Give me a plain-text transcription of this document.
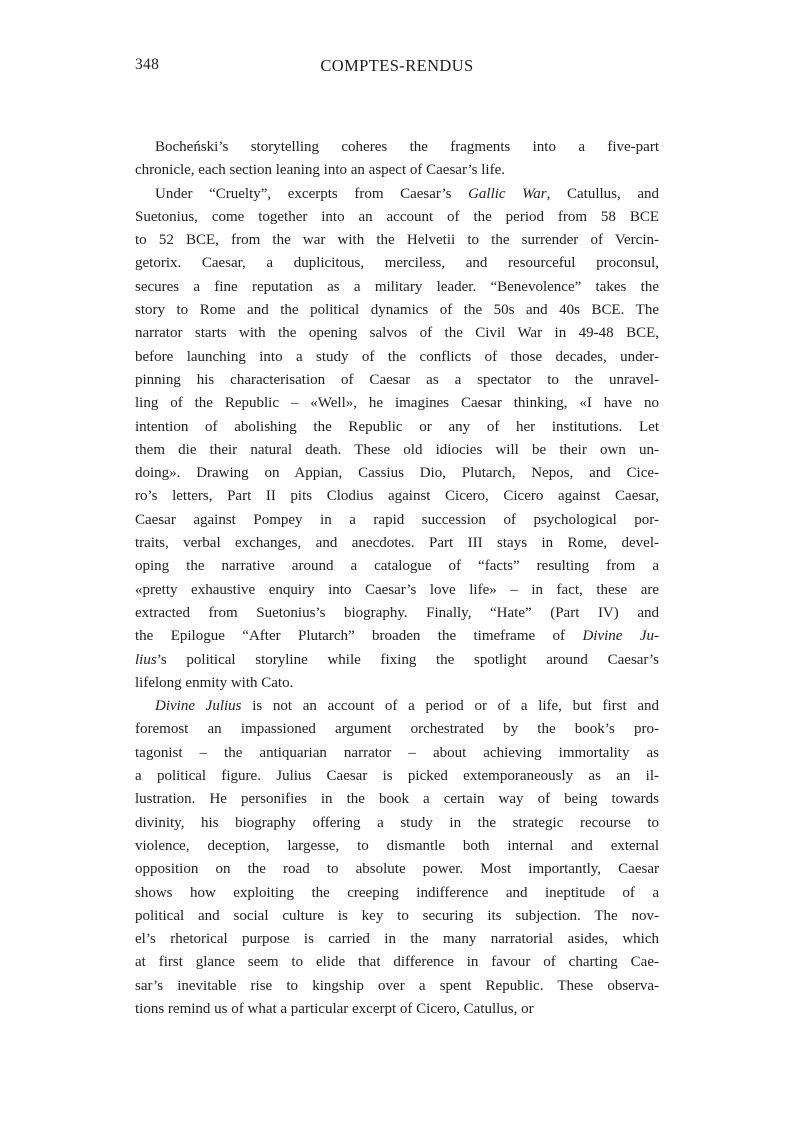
348	COMPTES-RENDUS
Bocheński’s storytelling coheres the fragments into a five-part
chronicle, each section leaning into an aspect of Caesar’s life.
Under “Cruelty”, excerpts from Caesar’s Gallic War, Catullus, and
Suetonius, come together into an account of the period from 58 BCE
to 52 BCE, from the war with the Helvetii to the surrender of Vercin-
getorix. Caesar, a duplicitous, merciless, and resourceful proconsul,
secures a fine reputation as a military leader. “Benevolence” takes the
story to Rome and the political dynamics of the 50s and 40s BCE. The
narrator starts with the opening salvos of the Civil War in 49-48 BCE,
before launching into a study of the conflicts of those decades, under-
pinning his characterisation of Caesar as a spectator to the unravel-
ling of the Republic – «Well», he imagines Caesar thinking, «I have no
intention of abolishing the Republic or any of her institutions. Let
them die their natural death. These old idiocies will be their own un-
doing». Drawing on Appian, Cassius Dio, Plutarch, Nepos, and Cice-
ro’s letters, Part II pits Clodius against Cicero, Cicero against Caesar,
Caesar against Pompey in a rapid succession of psychological por-
traits, verbal exchanges, and anecdotes. Part III stays in Rome, devel-
oping the narrative around a catalogue of “facts” resulting from a
«pretty exhaustive enquiry into Caesar’s love life» – in fact, these are
extracted from Suetonius’s biography. Finally, “Hate” (Part IV) and
the Epilogue “After Plutarch” broaden the timeframe of Divine Ju-
lius’s political storyline while fixing the spotlight around Caesar’s
lifelong enmity with Cato.
Divine Julius is not an account of a period or of a life, but first and
foremost an impassioned argument orchestrated by the book’s pro-
tagonist – the antiquarian narrator – about achieving immortality as
a political figure. Julius Caesar is picked extemporaneously as an il-
lustration. He personifies in the book a certain way of being towards
divinity, his biography offering a study in the strategic recourse to
violence, deception, largesse, to dismantle both internal and external
opposition on the road to absolute power. Most importantly, Caesar
shows how exploiting the creeping indifference and ineptitude of a
political and social culture is key to securing its subjection. The nov-
el’s rhetorical purpose is carried in the many narratorial asides, which
at first glance seem to elide that difference in favour of charting Cae-
sar’s inevitable rise to kingship over a spent Republic. These observa-
tions remind us of what a particular excerpt of Cicero, Catullus, or
